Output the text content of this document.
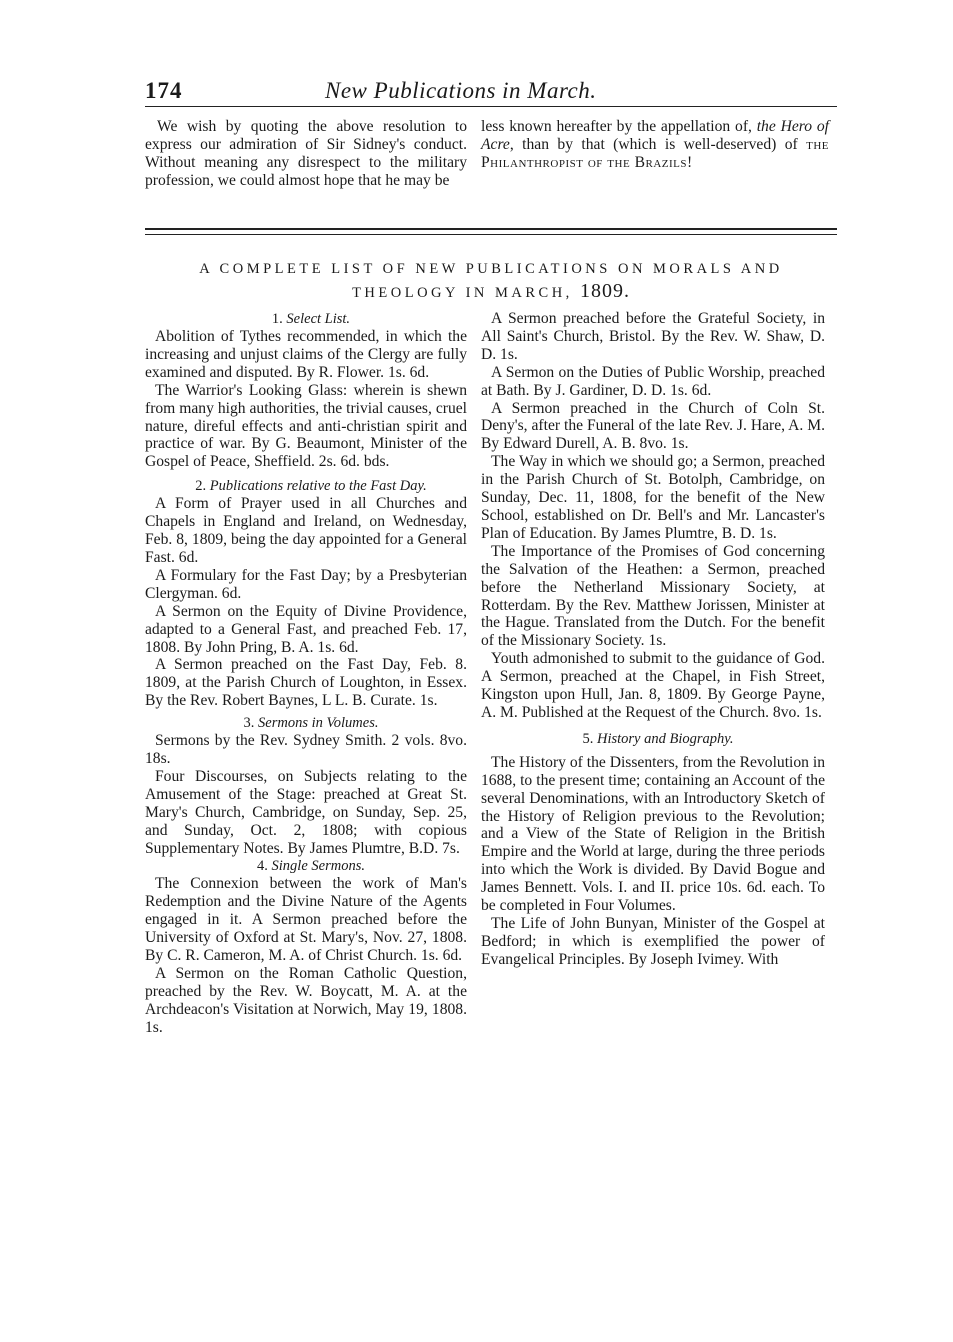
174	New Publications in March.

We wish by quoting the above resolution to express our admiration of Sir Sidney's conduct. Without meaning any disrespect to the military profession, we could almost hope that he may be

less known hereafter by the appellation of, the Hero of Acre, than by that (which is well-deserved) of the Philanthropist of the Brazils!

A COMPLETE LIST OF NEW PUBLICATIONS ON MORALS AND
THEOLOGY IN MARCH, 1809.

1. Select List.

Abolition of Tythes recommended, in which the increasing and unjust claims of the Clergy are fully examined and disputed. By R. Flower. 1s. 6d.

The Warrior's Looking Glass: wherein is shewn from many high authorities, the trivial causes, cruel nature, direful effects and anti-christian spirit and practice of war. By G. Beaumont, Minister of the Gospel of Peace, Sheffield. 2s. 6d. bds.

2. Publications relative to the Fast Day.

A Form of Prayer used in all Churches and Chapels in England and Ireland, on Wednesday, Feb. 8, 1809, being the day appointed for a General Fast. 6d.

A Formulary for the Fast Day; by a Presbyterian Clergyman. 6d.

A Sermon on the Equity of Divine Providence, adapted to a General Fast, and preached Feb. 17, 1808. By John Pring, B. A. 1s. 6d.

A Sermon preached on the Fast Day, Feb. 8. 1809, at the Parish Church of Loughton, in Essex. By the Rev. Robert Baynes, L L. B. Curate. 1s.

3. Sermons in Volumes.

Sermons by the Rev. Sydney Smith. 2 vols. 8vo. 18s.

Four Discourses, on Subjects relating to the Amusement of the Stage: preached at Great St. Mary's Church, Cambridge, on Sunday, Sep. 25, and Sunday, Oct. 2, 1808; with copious Supplementary Notes. By James Plumtre, B.D. 7s.

4. Single Sermons.

The Connexion between the work of Man's Redemption and the Divine Nature of the Agents engaged in it. A Sermon preached before the University of Oxford at St. Mary's, Nov. 27, 1808. By C. R. Cameron, M. A. of Christ Church. 1s. 6d.

A Sermon on the Roman Catholic Question, preached by the Rev. W. Boycatt, M. A. at the Archdeacon's Visitation at Norwich, May 19, 1808. 1s.

A Sermon preached before the Grateful Society, in All Saint's Church, Bristol. By the Rev. W. Shaw, D. D. 1s.

A Sermon on the Duties of Public Worship, preached at Bath. By J. Gardiner, D. D. 1s. 6d.

A Sermon preached in the Church of Coln St. Deny's, after the Funeral of the late Rev. J. Hare, A. M. By Edward Durell, A. B. 8vo. 1s.

The Way in which we should go; a Sermon, preached in the Parish Church of St. Botolph, Cambridge, on Sunday, Dec. 11, 1808, for the benefit of the New School, established on Dr. Bell's and Mr. Lancaster's Plan of Education. By James Plumtre, B. D. 1s.

The Importance of the Promises of God concerning the Salvation of the Heathen: a Sermon, preached before the Netherland Missionary Society, at Rotterdam. By the Rev. Matthew Jorissen, Minister at the Hague. Translated from the Dutch. For the benefit of the Missionary Society. 1s.

Youth admonished to submit to the guidance of God. A Sermon, preached at the Chapel, in Fish Street, Kingston upon Hull, Jan. 8, 1809. By George Payne, A. M. Published at the Request of the Church. 8vo. 1s.

5. History and Biography.

The History of the Dissenters, from the Revolution in 1688, to the present time; containing an Account of the several Denominations, with an Introductory Sketch of the History of Religion previous to the Revolution; and a View of the State of Religion in the British Empire and the World at large, during the three periods into which the Work is divided. By David Bogue and James Bennett. Vols. I. and II. price 10s. 6d. each. To be completed in Four Volumes.

The Life of John Bunyan, Minister of the Gospel at Bedford; in which is exemplified the power of Evangelical Principles. By Joseph Ivimey. With
